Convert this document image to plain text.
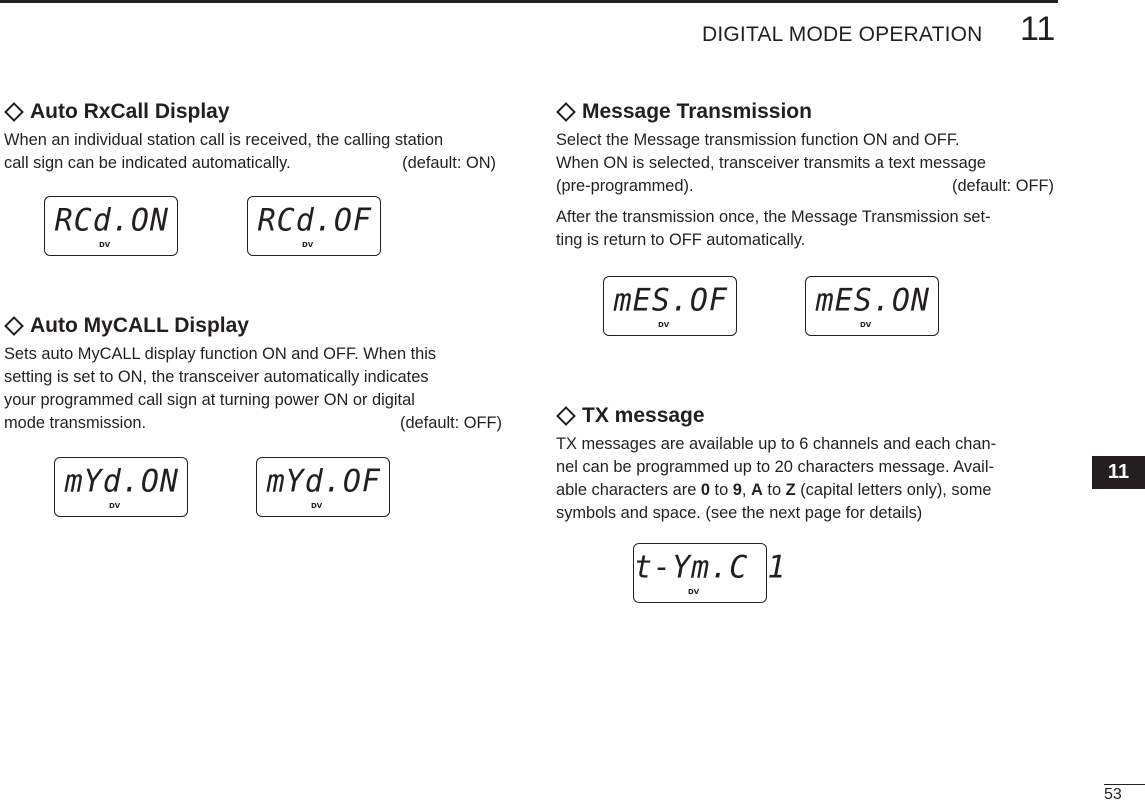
DIGITAL MODE OPERATION 11
11
53
Auto RxCall Display

When an individual station call is received, the calling station
call sign can be indicated automatically.	(default: ON)

RCd.ON
DV
RCd.OF
DV
Auto MyCALL Display

Sets auto MyCALL display function ON and OFF. When this
setting is set to ON, the transceiver automatically indicates
your programmed call sign at turning power ON or digital
mode transmission.	(default: OFF)

mYd.ON
DV
mYd.OF
DV
Message Transmission

Select the Message transmission function ON and OFF.
When ON is selected, transceiver transmits a text message
(pre-programmed).	(default: OFF)

After the transmission once, the Message Transmission set-
ting is return to OFF automatically.

mES.OF
DV
mES.ON
DV
TX message

TX messages are available up to 6 channels and each chan-
nel can be programmed up to 20 characters message. Avail-
able characters are 0 to 9, A to Z (capital letters only), some
symbols and space. (see the next page for details)

t-Ym.C 1
DV
